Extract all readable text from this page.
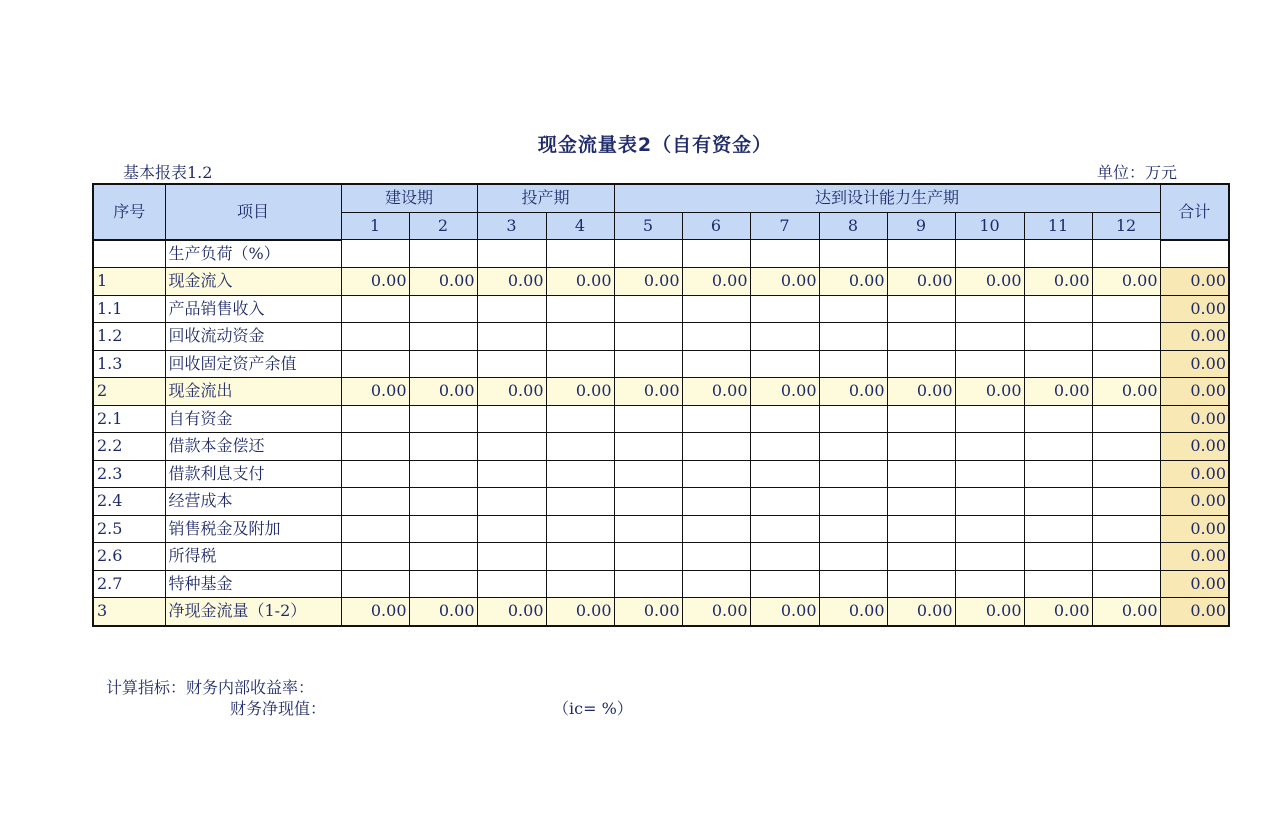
现金流量表2（自有资金）
基本报表1.2	单位：万元
序号	项目	建设期		投产期		达到设计能力生产期								合计
		1	2	3	4	5	6	7	8	9	10	11	12	
	生产负荷（%）													
1	现金流入	0.00	0.00	0.00	0.00	0.00	0.00	0.00	0.00	0.00	0.00	0.00	0.00	0.00
1.1	产品销售收入													0.00
1.2	回收流动资金													0.00
1.3	回收固定资产余值													0.00
2	现金流出	0.00	0.00	0.00	0.00	0.00	0.00	0.00	0.00	0.00	0.00	0.00	0.00	0.00
2.1	自有资金													0.00
2.2	借款本金偿还													0.00
2.3	借款利息支付													0.00
2.4	经营成本													0.00
2.5	销售税金及附加													0.00
2.6	所得税													0.00
2.7	特种基金													0.00
3	净现金流量（1-2）	0.00	0.00	0.00	0.00	0.00	0.00	0.00	0.00	0.00	0.00	0.00	0.00	0.00
计算指标：财务内部收益率：
财务净现值：	（ic= %）
